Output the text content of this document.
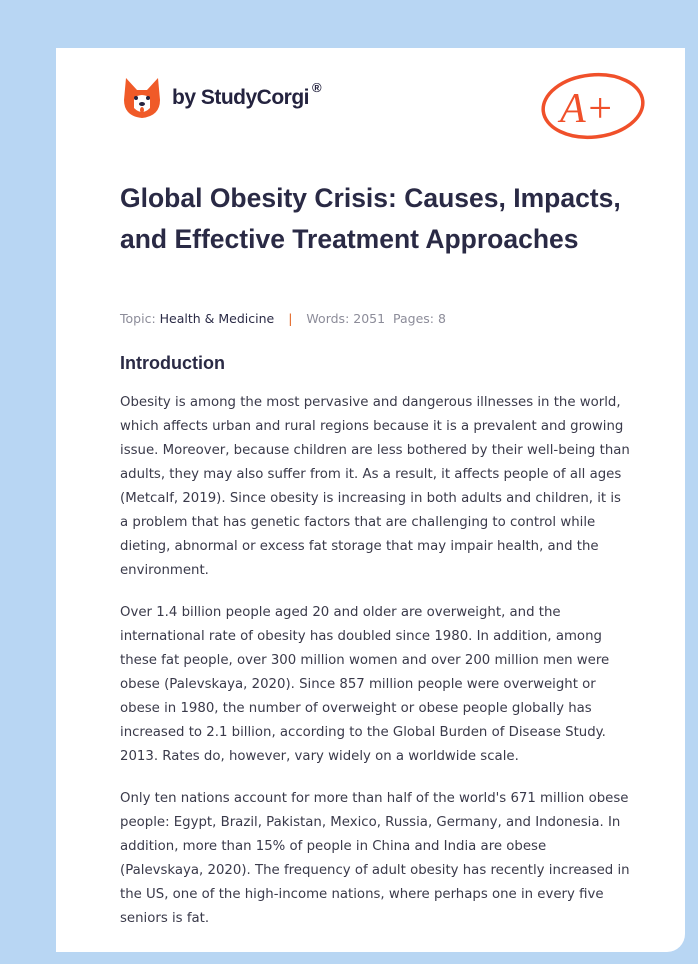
by StudyCorgi ®	A+
Global Obesity Crisis: Causes, Impacts, and Effective Treatment Approaches
Topic: Health & Medicine | Words: 2051 Pages: 8
Introduction

Obesity is among the most pervasive and dangerous illnesses in the world, which affects urban and rural regions because it is a prevalent and growing issue. Moreover, because children are less bothered by their well-being than adults, they may also suffer from it. As a result, it affects people of all ages (Metcalf, 2019). Since obesity is increasing in both adults and children, it is a problem that has genetic factors that are challenging to control while dieting, abnormal or excess fat storage that may impair health, and the environment.

Over 1.4 billion people aged 20 and older are overweight, and the international rate of obesity has doubled since 1980. In addition, among these fat people, over 300 million women and over 200 million men were obese (Palevskaya, 2020). Since 857 million people were overweight or obese in 1980, the number of overweight or obese people globally has increased to 2.1 billion, according to the Global Burden of Disease Study. 2013. Rates do, however, vary widely on a worldwide scale.

Only ten nations account for more than half of the world's 671 million obese people: Egypt, Brazil, Pakistan, Mexico, Russia, Germany, and Indonesia. In addition, more than 15% of people in China and India are obese (Palevskaya, 2020). The frequency of adult obesity has recently increased in the US, one of the high-income nations, where perhaps one in every five seniors is fat.
